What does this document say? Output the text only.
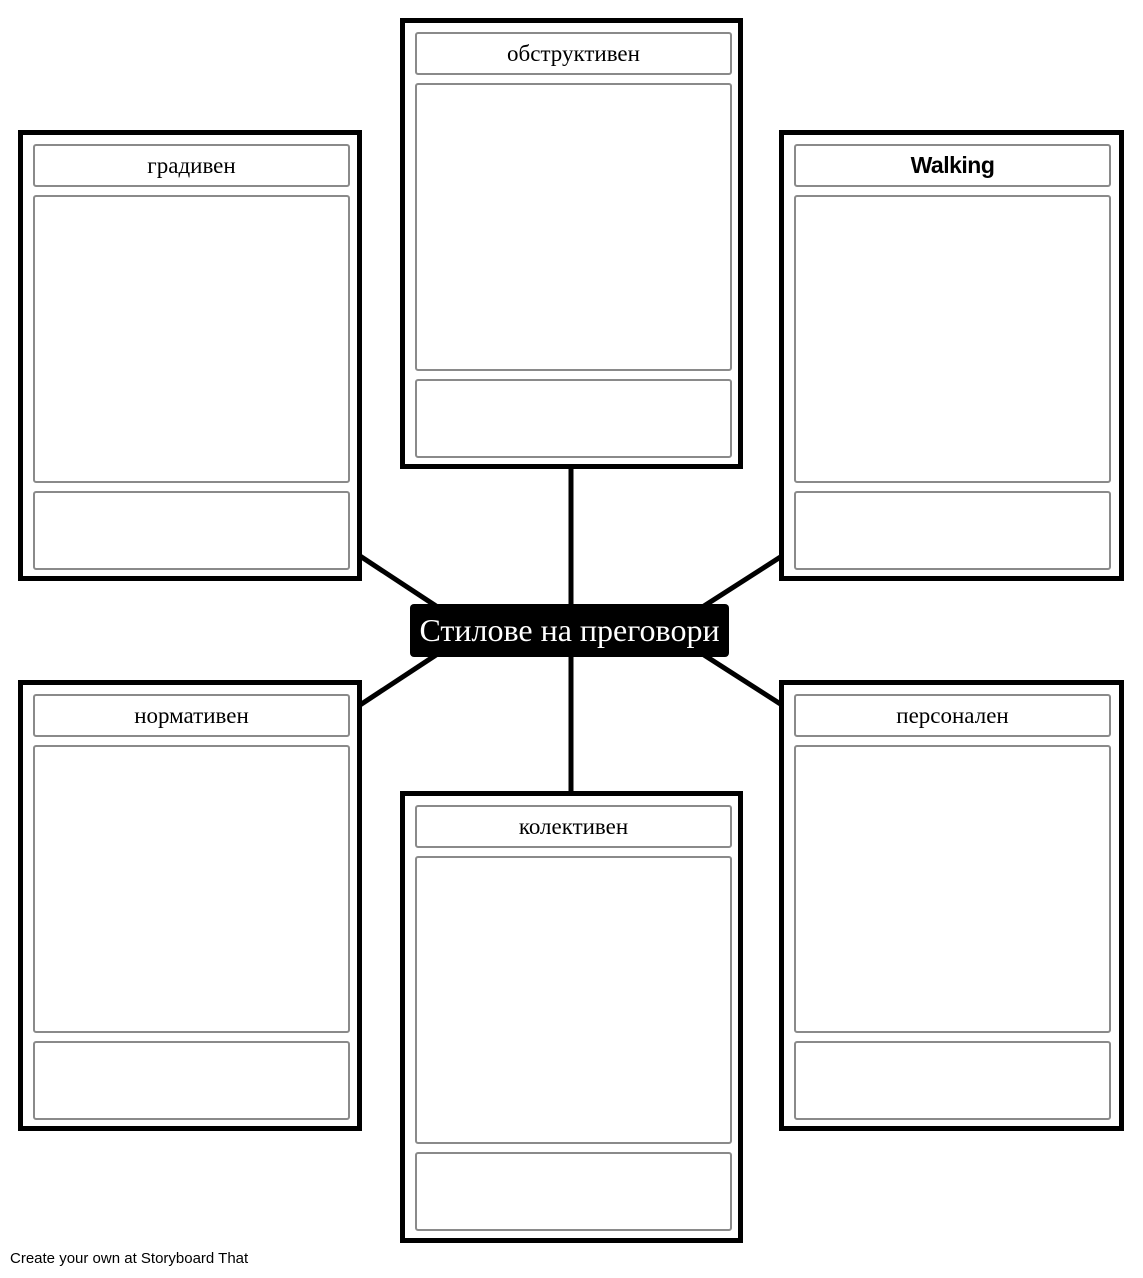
обструктивен
градивен	Walking
нормативен
колективен
персонален
Стилове на преговори
Create your own at Storyboard That
